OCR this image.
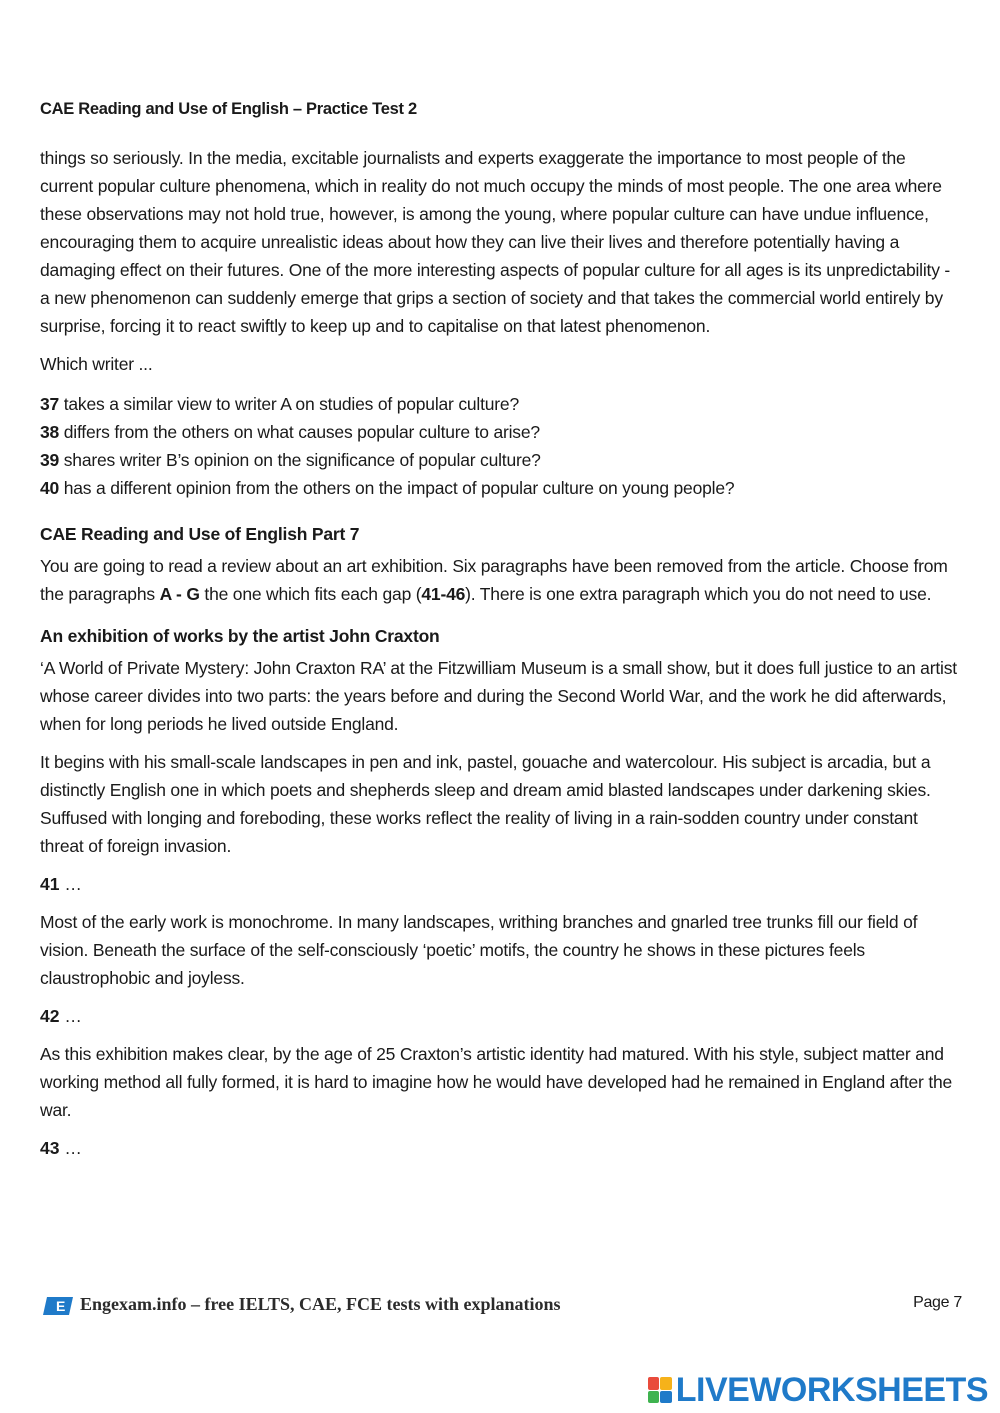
CAE Reading and Use of English – Practice Test 2

things so seriously. In the media, excitable journalists and experts exaggerate the importance to most people of the current popular culture phenomena, which in reality do not much occupy the minds of most people. The one area where these observations may not hold true, however, is among the young, where popular culture can have undue influence, encouraging them to acquire unrealistic ideas about how they can live their lives and therefore potentially having a damaging effect on their futures. One of the more interesting aspects of popular culture for all ages is its unpredictability - a new phenomenon can suddenly emerge that grips a section of society and that takes the commercial world entirely by surprise, forcing it to react swiftly to keep up and to capitalise on that latest phenomenon.

Which writer ...

37 takes a similar view to writer A on studies of popular culture?

38 differs from the others on what causes popular culture to arise?

39 shares writer B’s opinion on the significance of popular culture?

40 has a different opinion from the others on the impact of popular culture on young people?

CAE Reading and Use of English Part 7

You are going to read a review about an art exhibition. Six paragraphs have been removed from the article. Choose from the paragraphs A - G the one which fits each gap (41-46). There is one extra paragraph which you do not need to use.

An exhibition of works by the artist John Craxton

‘A World of Private Mystery: John Craxton RA’ at the Fitzwilliam Museum is a small show, but it does full justice to an artist whose career divides into two parts: the years before and during the Second World War, and the work he did afterwards, when for long periods he lived outside England.

It begins with his small-scale landscapes in pen and ink, pastel, gouache and watercolour. His subject is arcadia, but a distinctly English one in which poets and shepherds sleep and dream amid blasted landscapes under darkening skies. Suffused with longing and foreboding, these works reflect the reality of living in a rain-sodden country under constant threat of foreign invasion.

41 …

Most of the early work is monochrome. In many landscapes, writhing branches and gnarled tree trunks fill our field of vision. Beneath the surface of the self-consciously ‘poetic’ motifs, the country he shows in these pictures feels claustrophobic and joyless.

42 …

As this exhibition makes clear, by the age of 25 Craxton’s artistic identity had matured. With his style, subject matter and working method all fully formed, it is hard to imagine how he would have developed had he remained in England after the war.

43 …
E Engexam.info – free IELTS, CAE, FCE tests with explanations	Page 7
LIVEWORKSHEETS
